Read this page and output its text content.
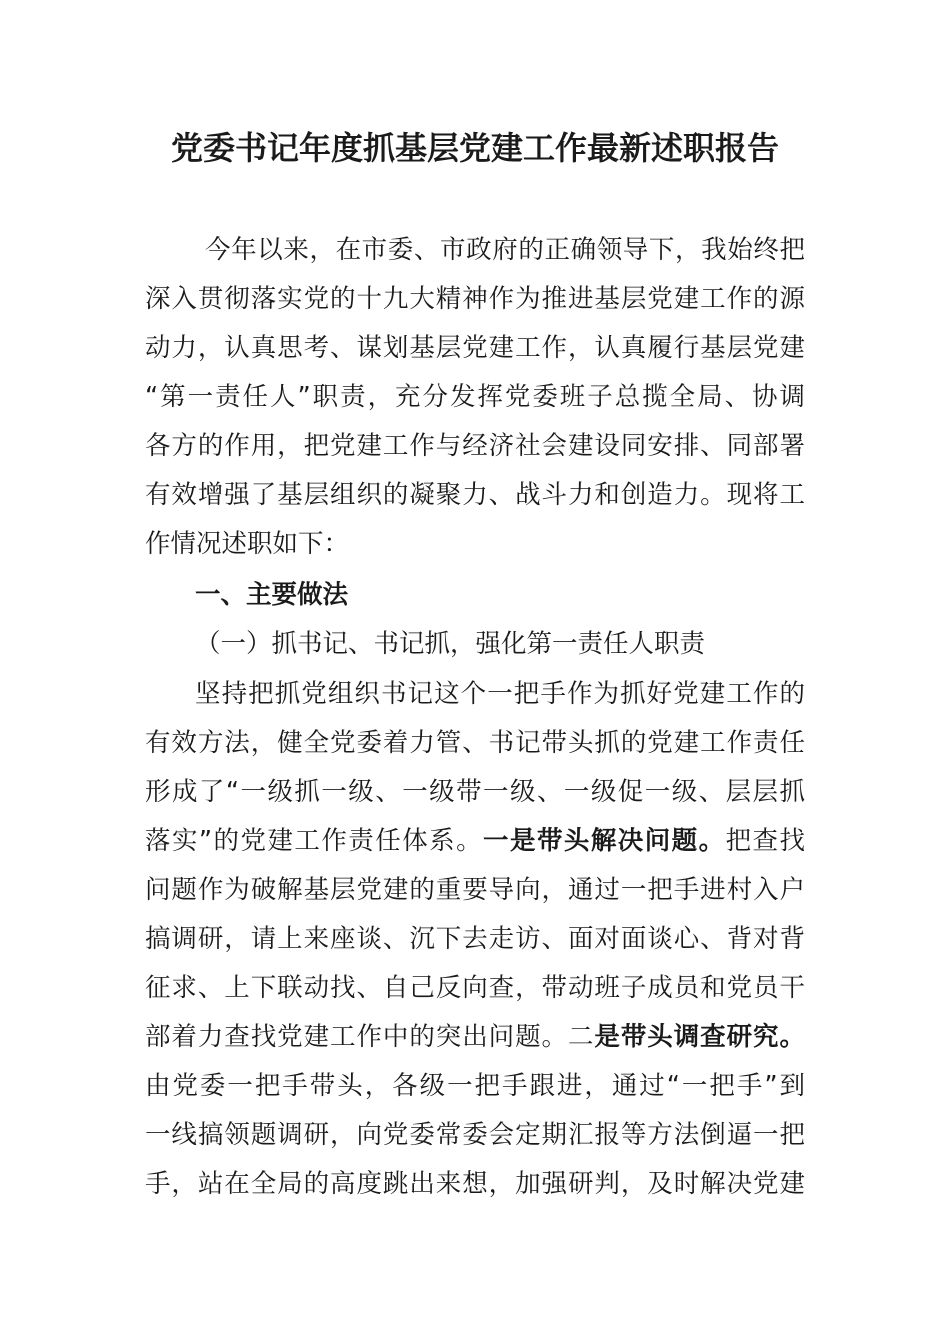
党委书记年度抓基层党建工作最新述职报告
今年以来，在市委、市政府的正确领导下，我始终把
深入贯彻落实党的十九大精神作为推进基层党建工作的源
动力，认真思考、谋划基层党建工作，认真履行基层党建
“第一责任人”职责，充分发挥党委班子总揽全局、协调
各方的作用，把党建工作与经济社会建设同安排、同部署
有效增强了基层组织的凝聚力、战斗力和创造力。现将工
作情况述职如下：
一、主要做法
（一）抓书记、书记抓，强化第一责任人职责
坚持把抓党组织书记这个一把手作为抓好党建工作的
有效方法，健全党委着力管、书记带头抓的党建工作责任
形成了“一级抓一级、一级带一级、一级促一级、层层抓
落实”的党建工作责任体系。一是带头解决问题。把查找
问题作为破解基层党建的重要导向，通过一把手进村入户
搞调研，请上来座谈、沉下去走访、面对面谈心、背对背
征求、上下联动找、自己反向查，带动班子成员和党员干
部着力查找党建工作中的突出问题。二是带头调查研究。
由党委一把手带头，各级一把手跟进，通过“一把手”到
一线搞领题调研，向党委常委会定期汇报等方法倒逼一把
手，站在全局的高度跳出来想，加强研判，及时解决党建
